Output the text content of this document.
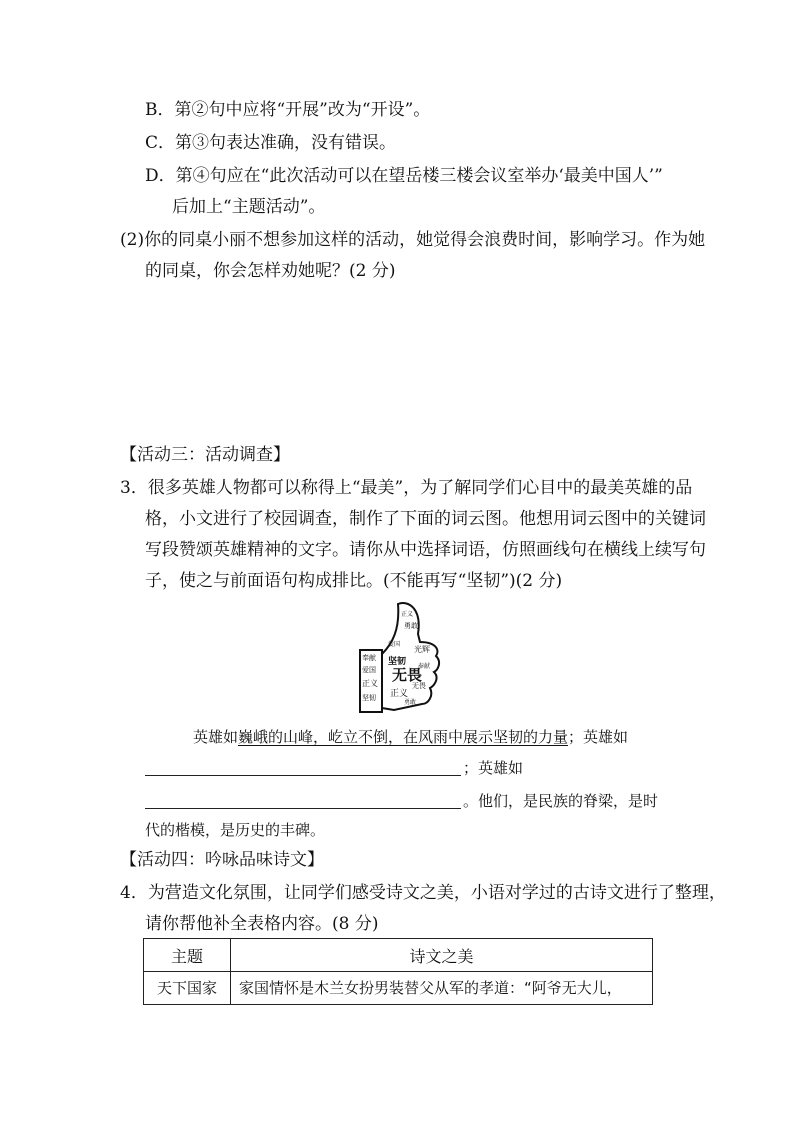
B．第②句中应将“开展”改为“开设”。
C．第③句表达准确，没有错误。
D．第④句应在“此次活动可以在望岳楼三楼会议室举办‘最美中国人’”
后加上“主题活动”。
(2)你的同桌小丽不想参加这样的活动，她觉得会浪费时间，影响学习。作为她
的同桌，你会怎样劝她呢？(2 分)
【活动三：活动调查】
3．很多英雄人物都可以称得上“最美”，为了解同学们心目中的最美英雄的品
格，小文进行了校园调查，制作了下面的词云图。他想用词云图中的关键词
写段赞颂英雄精神的文字。请你从中选择词语，仿照画线句在横线上续写句
子，使之与前面语句构成排比。(不能再写“坚韧”)(2 分)
正义
勇敢
无畏
奉献
爱国
坚韧
光辉
正义
坚韧
奉献
正义
爱国
无畏
勇敢
英雄如巍峨的山峰，屹立不倒，在风雨中展示坚韧的力量；英雄如
；英雄如
。他们，是民族的脊梁，是时
代的楷模，是历史的丰碑。
【活动四：吟咏品味诗文】
4．为营造文化氛围，让同学们感受诗文之美，小语对学过的古诗文进行了整理，
请你帮他补全表格内容。(8 分)
主题	诗文之美
天下国家	家国情怀是木兰女扮男装替父从军的孝道：“阿爷无大儿，
